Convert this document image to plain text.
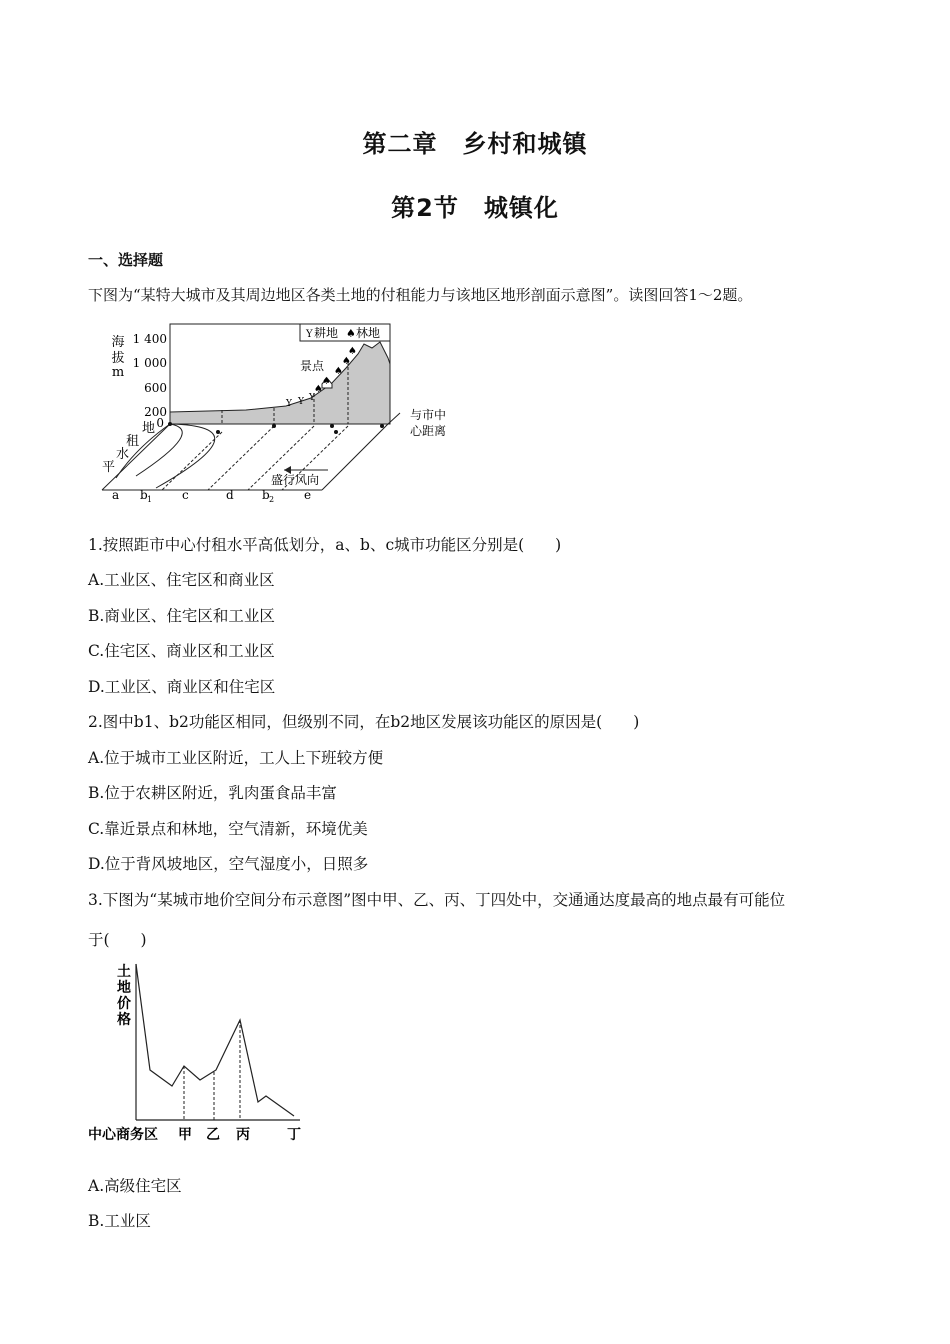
第二章　乡村和城镇
第2节　城镇化
一、选择题
下图为“某特大城市及其周边地区各类土地的付租能力与该地区地形剖面示意图”。读图回答1～2题。
海
拔
m
1 400
1 000
600
200
0
Y 耕地 ♠ 林地
景点
Y Y Y
♠
♠
♠
♠
♠
与市中
心距离
地
租
水
平
盛行风向
a b 1 c	d b 2 e
1.按照距市中心付租水平高低划分，a、b、c城市功能区分别是(　　)
A.工业区、住宅区和商业区
B.商业区、住宅区和工业区
C.住宅区、商业区和工业区
D.工业区、商业区和住宅区
2.图中b1、b2功能区相同，但级别不同，在b2地区发展该功能区的原因是(　　)
A.位于城市工业区附近，工人上下班较方便
B.位于农耕区附近，乳肉蛋食品丰富
C.靠近景点和林地，空气清新，环境优美
D.位于背风坡地区，空气湿度小，日照多
3.下图为“某城市地价空间分布示意图”图中甲、乙、丙、丁四处中，交通通达度最高的地点最有可能位
于(　　)
土
地
价
格
中心商务区 甲 乙 丙	丁
A.高级住宅区
B.工业区
